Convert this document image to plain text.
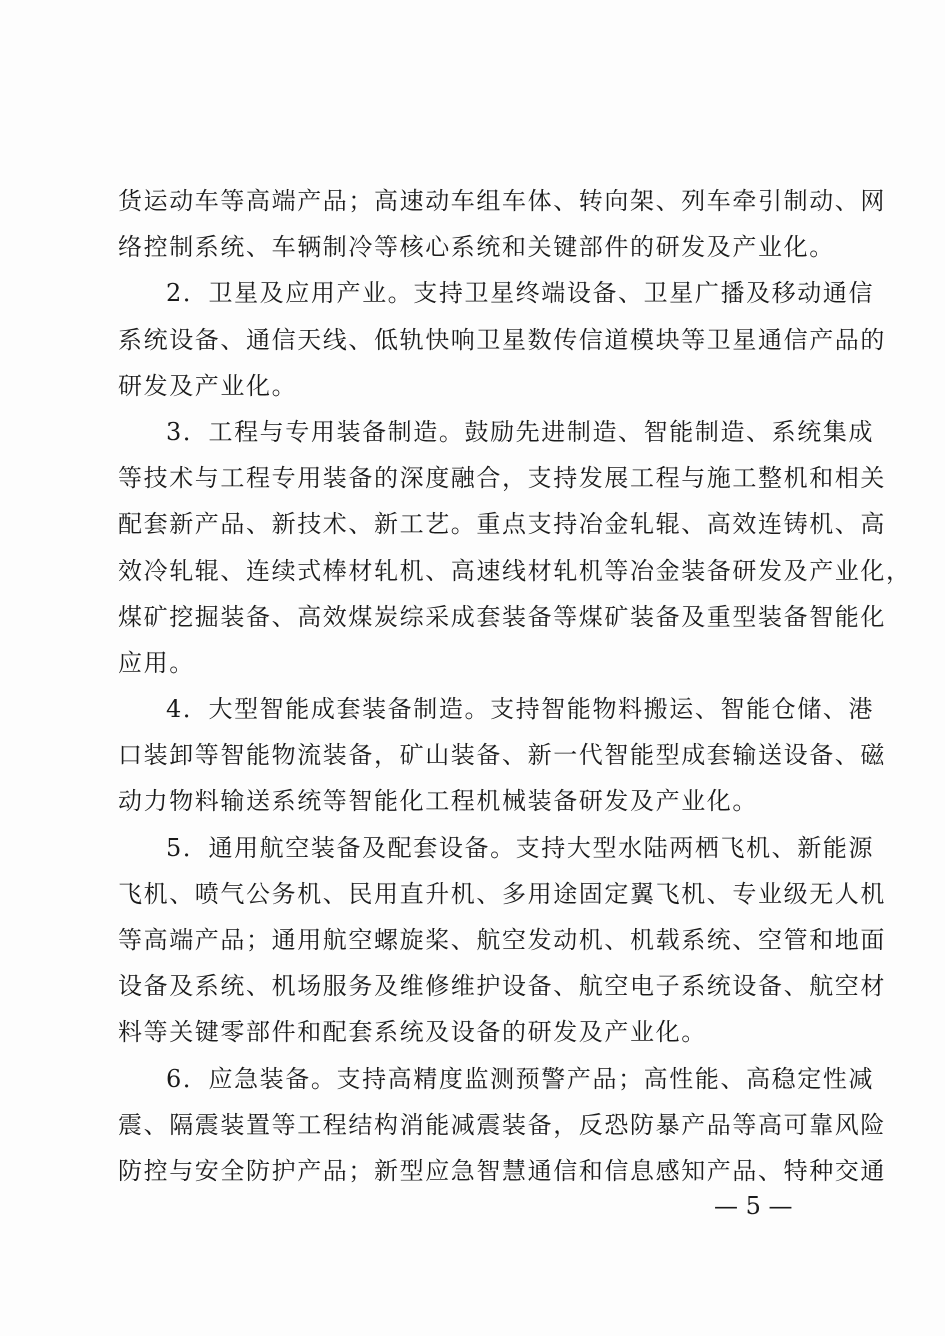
货运动车等高端产品；高速动车组车体、转向架、列车牵引制动、网
络控制系统、车辆制冷等核心系统和关键部件的研发及产业化。
2．卫星及应用产业。支持卫星终端设备、卫星广播及移动通信
系统设备、通信天线、低轨快响卫星数传信道模块等卫星通信产品的
研发及产业化。
3．工程与专用装备制造。鼓励先进制造、智能制造、系统集成
等技术与工程专用装备的深度融合，支持发展工程与施工整机和相关
配套新产品、新技术、新工艺。重点支持冶金轧辊、高效连铸机、高
效冷轧辊、连续式棒材轧机、高速线材轧机等冶金装备研发及产业化，
煤矿挖掘装备、高效煤炭综采成套装备等煤矿装备及重型装备智能化
应用。
4．大型智能成套装备制造。支持智能物料搬运、智能仓储、港
口装卸等智能物流装备，矿山装备、新一代智能型成套输送设备、磁
动力物料输送系统等智能化工程机械装备研发及产业化。
5．通用航空装备及配套设备。支持大型水陆两栖飞机、新能源
飞机、喷气公务机、民用直升机、多用途固定翼飞机、专业级无人机
等高端产品；通用航空螺旋桨、航空发动机、机载系统、空管和地面
设备及系统、机场服务及维修维护设备、航空电子系统设备、航空材
料等关键零部件和配套系统及设备的研发及产业化。
6．应急装备。支持高精度监测预警产品；高性能、高稳定性减
震、隔震装置等工程结构消能减震装备，反恐防暴产品等高可靠风险
防控与安全防护产品；新型应急智慧通信和信息感知产品、特种交通
— 5 —
